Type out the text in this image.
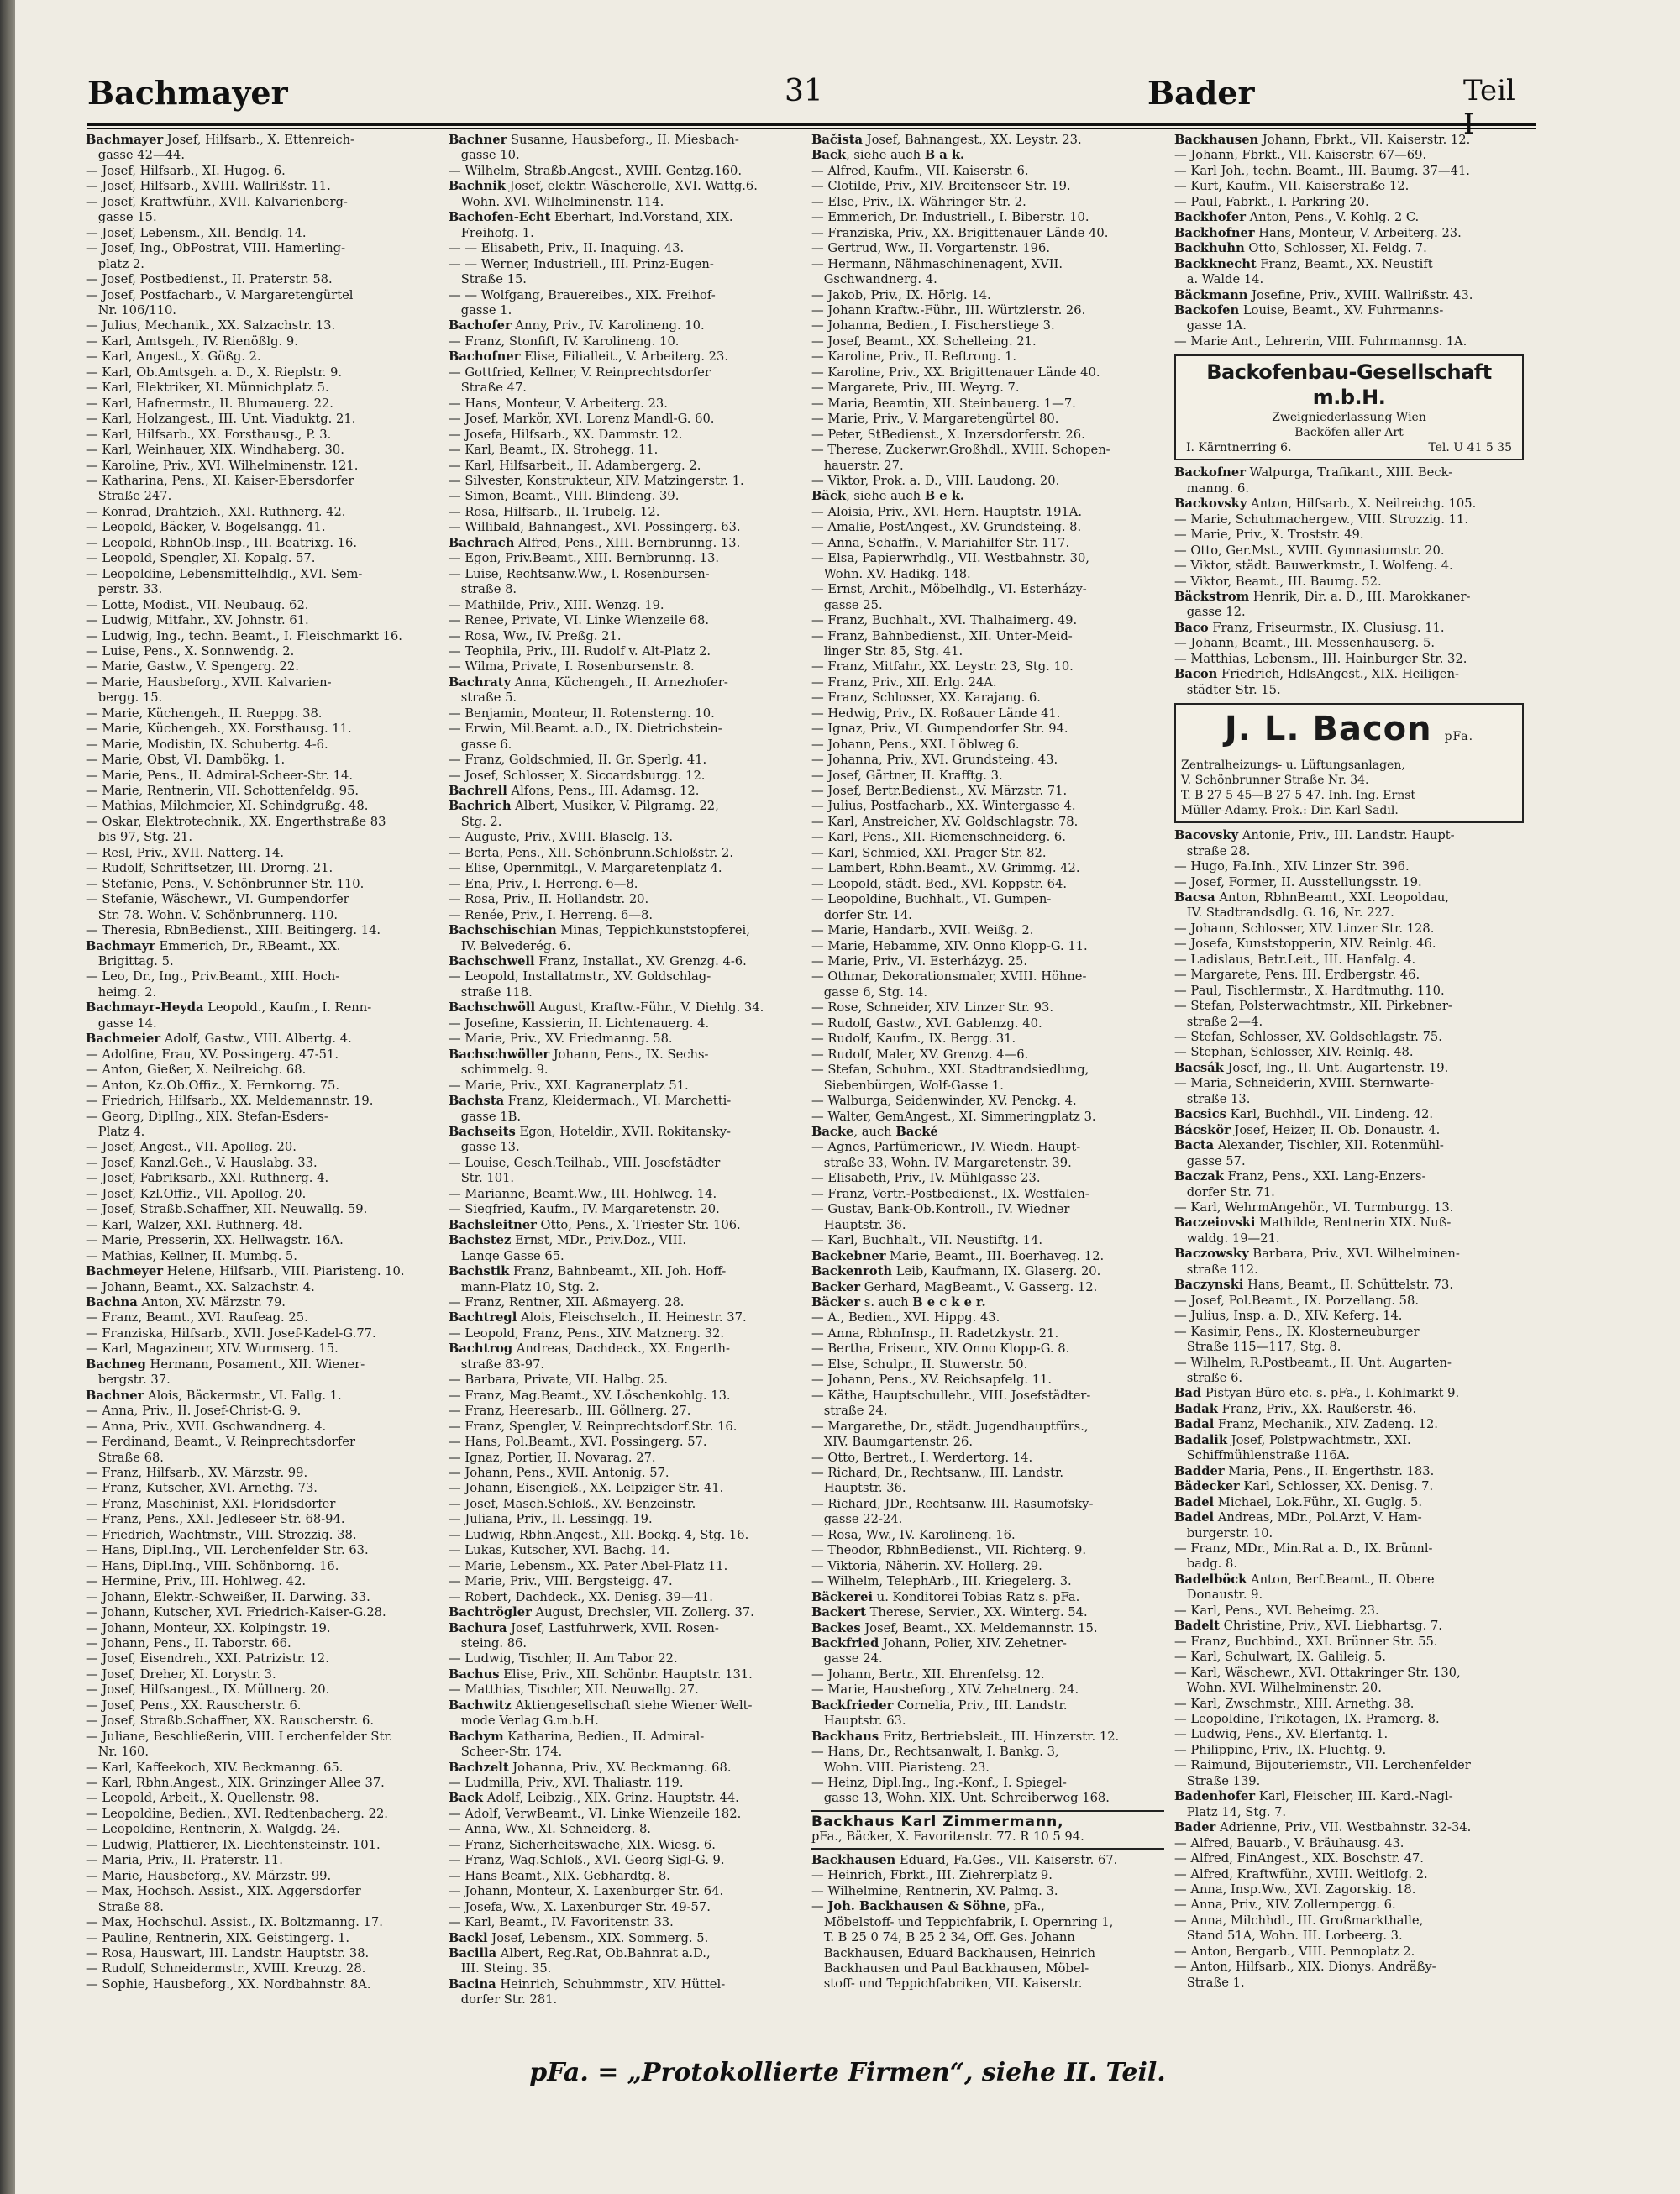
Bachmayer	31	Bader	Teil
Bachmayer Josef, Hilfsarb., X. Ettenreich-
 gasse 42—44.
— Josef, Hilfsarb., XI. Hugog. 6.
— Josef, Hilfsarb., XVIII. Wallrißstr. 11.
— Josef, Kraftwführ., XVII. Kalvarienberg-
 gasse 15.
— Josef, Lebensm., XII. Bendlg. 14.
— Josef, Ing., ObPostrat, VIII. Hamerling-
 platz 2.
— Josef, Postbedienst., II. Praterstr. 58.
— Josef, Postfacharb., V. Margaretengürtel
 Nr. 106/110.
— Julius, Mechanik., XX. Salzachstr. 13.
— Karl, Amtsgeh., IV. Rienößlg. 9.
— Karl, Angest., X. Gößg. 2.
— Karl, Ob.Amtsgeh. a. D., X. Rieplstr. 9.
— Karl, Elektriker, XI. Münnichplatz 5.
— Karl, Hafnermstr., II. Blumauerg. 22.
— Karl, Holzangest., III. Unt. Viaduktg. 21.
— Karl, Hilfsarb., XX. Forsthausg., P. 3.
— Karl, Weinhauer, XIX. Windhaberg. 30.
— Karoline, Priv., XVI. Wilhelminenstr. 121.
— Katharina, Pens., XI. Kaiser-Ebersdorfer
 Straße 247.
— Konrad, Drahtzieh., XXI. Ruthnerg. 42.
— Leopold, Bäcker, V. Bogelsangg. 41.
— Leopold, RbhnOb.Insp., III. Beatrixg. 16.
— Leopold, Spengler, XI. Kopalg. 57.
— Leopoldine, Lebensmittelhdlg., XVI. Sem-
 perstr. 33.
— Lotte, Modist., VII. Neubaug. 62.
— Ludwig, Mitfahr., XV. Johnstr. 61.
— Ludwig, Ing., techn. Beamt., I. Fleischmarkt 16.
— Luise, Pens., X. Sonnwendg. 2.
— Marie, Gastw., V. Spengerg. 22.
— Marie, Hausbeforg., XVII. Kalvarien-
 bergg. 15.
— Marie, Küchengeh., II. Rueppg. 38.
— Marie, Küchengeh., XX. Forsthausg. 11.
— Marie, Modistin, IX. Schubertg. 4-6.
— Marie, Obst, VI. Dambökg. 1.
— Marie, Pens., II. Admiral-Scheer-Str. 14.
— Marie, Rentnerin, VII. Schottenfeldg. 95.
— Mathias, Milchmeier, XI. Schindgrußg. 48.
— Oskar, Elektrotechnik., XX. Engerthstraße 83
 bis 97, Stg. 21.
— Resl, Priv., XVII. Natterg. 14.
— Rudolf, Schriftsetzer, III. Drorng. 21.
— Stefanie, Pens., V. Schönbrunner Str. 110.
— Stefanie, Wäschewr., VI. Gumpendorfer
 Str. 78. Wohn. V. Schönbrunnerg. 110.
— Theresia, RbnBedienst., XIII. Beitingerg. 14.
Bachmayr Emmerich, Dr., RBeamt., XX.
 Brigittag. 5.
— Leo, Dr., Ing., Priv.Beamt., XIII. Hoch-
 heimg. 2.
Bachmayr-Heyda Leopold., Kaufm., I. Renn-
 gasse 14.
Bachmeier Adolf, Gastw., VIII. Albertg. 4.
— Adolfine, Frau, XV. Possingerg. 47-51.
— Anton, Gießer, X. Neilreichg. 68.
— Anton, Kz.Ob.Offiz., X. Fernkorng. 75.
— Friedrich, Hilfsarb., XX. Meldemannstr. 19.
— Georg, DiplIng., XIX. Stefan-Esders-
 Platz 4.
— Josef, Angest., VII. Apollog. 20.
— Josef, Kanzl.Geh., V. Hauslabg. 33.
— Josef, Fabriksarb., XXI. Ruthnerg. 4.
— Josef, Kzl.Offiz., VII. Apollog. 20.
— Josef, Straßb.Schaffner, XII. Neuwallg. 59.
— Karl, Walzer, XXI. Ruthnerg. 48.
— Marie, Presserin, XX. Hellwagstr. 16A.
— Mathias, Kellner, II. Mumbg. 5.
Bachmeyer Helene, Hilfsarb., VIII. Piaristeng. 10.
— Johann, Beamt., XX. Salzachstr. 4.
Bachna Anton, XV. Märzstr. 79.
— Franz, Beamt., XVI. Raufeag. 25.
— Franziska, Hilfsarb., XVII. Josef-Kadel-G.77.
— Karl, Magazineur, XIV. Wurmserg. 15.
Bachneg Hermann, Posament., XII. Wiener-
 bergstr. 37.
Bachner Alois, Bäckermstr., VI. Fallg. 1.
— Anna, Priv., II. Josef-Christ-G. 9.
— Anna, Priv., XVII. Gschwandnerg. 4.
— Ferdinand, Beamt., V. Reinprechtsdorfer
 Straße 68.
— Franz, Hilfsarb., XV. Märzstr. 99.
— Franz, Kutscher, XVI. Arnethg. 73.
— Franz, Maschinist, XXI. Floridsdorfer
— Franz, Pens., XXI. Jedleseer Str. 68-94.
— Friedrich, Wachtmstr., VIII. Strozzig. 38.
— Hans, Dipl.Ing., VII. Lerchenfelder Str. 63.
— Hans, Dipl.Ing., VIII. Schönborng. 16.
— Hermine, Priv., III. Hohlweg. 42.
— Johann, Elektr.-Schweißer, II. Darwing. 33.
— Johann, Kutscher, XVI. Friedrich-Kaiser-G.28.
— Johann, Monteur, XX. Kolpingstr. 19.
— Johann, Pens., II. Taborstr. 66.
— Josef, Eisendreh., XXI. Patrizistr. 12.
— Josef, Dreher, XI. Lorystr. 3.
— Josef, Hilfsangest., IX. Müllnerg. 20.
— Josef, Pens., XX. Rauscherstr. 6.
— Josef, Straßb.Schaffner, XX. Rauscherstr. 6.
— Juliane, Beschließerin, VIII. Lerchenfelder Str.
 Nr. 160.
— Karl, Kaffeekoch, XIV. Beckmanng. 65.
— Karl, Rbhn.Angest., XIX. Grinzinger Allee 37.
— Leopold, Arbeit., X. Quellenstr. 98.
— Leopoldine, Bedien., XVI. Redtenbacherg. 22.
— Leopoldine, Rentnerin, X. Walgdg. 24.
— Ludwig, Plattierer, IX. Liechtensteinstr. 101.
— Maria, Priv., II. Praterstr. 11.
— Marie, Hausbeforg., XV. Märzstr. 99.
— Max, Hochsch. Assist., XIX. Aggersdorfer
 Straße 88.
— Max, Hochschul. Assist., IX. Boltzmanng. 17.
— Pauline, Rentnerin, XIX. Geistingerg. 1.
— Rosa, Hauswart, III. Landstr. Hauptstr. 38.
— Rudolf, Schneidermstr., XVIII. Kreuzg. 28.
— Sophie, Hausbeforg., XX. Nordbahnstr. 8A.
Bachner Susanne, Hausbeforg., II. Miesbach-
 gasse 10.
— Wilhelm, Straßb.Angest., XVIII. Gentzg.160.
Bachnik Josef, elektr. Wäscherolle, XVI. Wattg.6.
 Wohn. XVI. Wilhelminenstr. 114.
Bachofen-Echt Eberhart, Ind.Vorstand, XIX.
 Freihofg. 1.
— — Elisabeth, Priv., II. Inaquing. 43.
— — Werner, Industriell., III. Prinz-Eugen-
 Straße 15.
— — Wolfgang, Brauereibes., XIX. Freihof-
 gasse 1.
Bachofer Anny, Priv., IV. Karolineng. 10.
— Franz, Stonfift, IV. Karolineng. 10.
Bachofner Elise, Filialleit., V. Arbeiterg. 23.
— Gottfried, Kellner, V. Reinprechtsdorfer
 Straße 47.
— Hans, Monteur, V. Arbeiterg. 23.
— Josef, Markör, XVI. Lorenz Mandl-G. 60.
— Josefa, Hilfsarb., XX. Dammstr. 12.
— Karl, Beamt., IX. Strohegg. 11.
— Karl, Hilfsarbeit., II. Adambergerg. 2.
— Silvester, Konstrukteur, XIV. Matzingerstr. 1.
— Simon, Beamt., VIII. Blindeng. 39.
— Rosa, Hilfsarb., II. Trubelg. 12.
— Willibald, Bahnangest., XVI. Possingerg. 63.
Bachrach Alfred, Pens., XIII. Bernbrunng. 13.
— Egon, Priv.Beamt., XIII. Bernbrunng. 13.
— Luise, Rechtsanw.Ww., I. Rosenbursen-
 straße 8.
— Mathilde, Priv., XIII. Wenzg. 19.
— Renee, Private, VI. Linke Wienzeile 68.
— Rosa, Ww., IV. Preßg. 21.
— Teophila, Priv., III. Rudolf v. Alt-Platz 2.
— Wilma, Private, I. Rosenbursenstr. 8.
Bachraty Anna, Küchengeh., II. Arnezhofer-
 straße 5.
— Benjamin, Monteur, II. Rotensterng. 10.
— Erwin, Mil.Beamt. a.D., IX. Dietrichstein-
 gasse 6.
— Franz, Goldschmied, II. Gr. Sperlg. 41.
— Josef, Schlosser, X. Siccardsburgg. 12.
Bachrell Alfons, Pens., III. Adamsg. 12.
Bachrich Albert, Musiker, V. Pilgramg. 22,
 Stg. 2.
— Auguste, Priv., XVIII. Blaselg. 13.
— Berta, Pens., XII. Schönbrunn.Schloßstr. 2.
— Elise, Opernmitgl., V. Margaretenplatz 4.
— Ena, Priv., I. Herreng. 6—8.
— Rosa, Priv., II. Hollandstr. 20.
— Renée, Priv., I. Herreng. 6—8.
Bachschischian Minas, Teppichkunststopferei,
 IV. Belvederég. 6.
Bachschwell Franz, Installat., XV. Grenzg. 4-6.
— Leopold, Installatmstr., XV. Goldschlag-
 straße 118.
Bachschwöll August, Kraftw.-Führ., V. Diehlg. 34.
— Josefine, Kassierin, II. Lichtenauerg. 4.
— Marie, Priv., XV. Friedmanng. 58.
Bachschwöller Johann, Pens., IX. Sechs-
 schimmelg. 9.
— Marie, Priv., XXI. Kagranerplatz 51.
Bachsta Franz, Kleidermach., VI. Marchetti-
 gasse 1B.
Bachseits Egon, Hoteldir., XVII. Rokitansky-
 gasse 13.
— Louise, Gesch.Teilhab., VIII. Josefstädter
 Str. 101.
— Marianne, Beamt.Ww., III. Hohlweg. 14.
— Siegfried, Kaufm., IV. Margaretenstr. 20.
Bachsleitner Otto, Pens., X. Triester Str. 106.
Bachstez Ernst, MDr., Priv.Doz., VIII.
 Lange Gasse 65.
Bachstik Franz, Bahnbeamt., XII. Joh. Hoff-
 mann-Platz 10, Stg. 2.
— Franz, Rentner, XII. Aßmayerg. 28.
Bachtregl Alois, Fleischselch., II. Heinestr. 37.
— Leopold, Franz, Pens., XIV. Matznerg. 32.
Bachtrog Andreas, Dachdeck., XX. Engerth-
 straße 83-97.
— Barbara, Private, VII. Halbg. 25.
— Franz, Mag.Beamt., XV. Löschenkohlg. 13.
— Franz, Heeresarb., III. Göllnerg. 27.
— Franz, Spengler, V. Reinprechtsdorf.Str. 16.
— Hans, Pol.Beamt., XVI. Possingerg. 57.
— Ignaz, Portier, II. Novarag. 27.
— Johann, Pens., XVII. Antonig. 57.
— Johann, Eisengieß., XX. Leipziger Str. 41.
— Josef, Masch.Schloß., XV. Benzeinstr.
— Juliana, Priv., II. Lessingg. 19.
— Ludwig, Rbhn.Angest., XII. Bockg. 4, Stg. 16.
— Lukas, Kutscher, XVI. Bachg. 14.
— Marie, Lebensm., XX. Pater Abel-Platz 11.
— Marie, Priv., VIII. Bergsteigg. 47.
— Robert, Dachdeck., XX. Denisg. 39—41.
Bachtrögler August, Drechsler, VII. Zollerg. 37.
Bachura Josef, Lastfuhrwerk, XVII. Rosen-
 steing. 86.
— Ludwig, Tischler, II. Am Tabor 22.
Bachus Elise, Priv., XII. Schönbr. Hauptstr. 131.
— Matthias, Tischler, XII. Neuwallg. 27.
Bachwitz Aktiengesellschaft siehe Wiener Welt-
 mode Verlag G.m.b.H.
Bachym Katharina, Bedien., II. Admiral-
 Scheer-Str. 174.
Bachzelt Johanna, Priv., XV. Beckmanng. 68.
— Ludmilla, Priv., XVI. Thaliastr. 119.
Back Adolf, Leibzig., XIX. Grinz. Hauptstr. 44.
— Adolf, VerwBeamt., VI. Linke Wienzeile 182.
— Anna, Ww., XI. Schneiderg. 8.
— Franz, Sicherheitswache, XIX. Wiesg. 6.
— Franz, Wag.Schloß., XVI. Georg Sigl-G. 9.
— Hans Beamt., XIX. Gebhardtg. 8.
— Johann, Monteur, X. Laxenburger Str. 64.
— Josefa, Ww., X. Laxenburger Str. 49-57.
— Karl, Beamt., IV. Favoritenstr. 33.
Backl Josef, Lebensm., XIX. Sommerg. 5.
Bacilla Albert, Reg.Rat, Ob.Bahnrat a.D.,
 III. Steing. 35.
Bacina Heinrich, Schuhmmstr., XIV. Hüttel-
 dorfer Str. 281.
Bačista Josef, Bahnangest., XX. Leystr. 23.
Back, siehe auch B a k.
— Alfred, Kaufm., VII. Kaiserstr. 6.
— Clotilde, Priv., XIV. Breitenseer Str. 19.
— Else, Priv., IX. Währinger Str. 2.
— Emmerich, Dr. Industriell., I. Biberstr. 10.
— Franziska, Priv., XX. Brigittenauer Lände 40.
— Gertrud, Ww., II. Vorgartenstr. 196.
— Hermann, Nähmaschinenagent, XVII.
 Gschwandnerg. 4.
— Jakob, Priv., IX. Hörlg. 14.
— Johann Kraftw.-Führ., III. Würtzlerstr. 26.
— Johanna, Bedien., I. Fischerstiege 3.
— Josef, Beamt., XX. Schelleing. 21.
— Karoline, Priv., II. Reftrong. 1.
— Karoline, Priv., XX. Brigittenauer Lände 40.
— Margarete, Priv., III. Weyrg. 7.
— Maria, Beamtin, XII. Steinbauerg. 1—7.
— Marie, Priv., V. Margaretengürtel 80.
— Peter, StBedienst., X. Inzersdorferstr. 26.
— Therese, Zuckerwr.Großhdl., XVIII. Schopen-
 hauerstr. 27.
— Viktor, Prok. a. D., VIII. Laudong. 20.
Bäck, siehe auch B e k.
— Aloisia, Priv., XVI. Hern. Hauptstr. 191A.
— Amalie, PostAngest., XV. Grundsteing. 8.
— Anna, Schaffn., V. Mariahilfer Str. 117.
— Elsa, Papierwrhdlg., VII. Westbahnstr. 30,
 Wohn. XV. Hadikg. 148.
— Ernst, Archit., Möbelhdlg., VI. Esterházy-
 gasse 25.
— Franz, Buchhalt., XVI. Thalhaimerg. 49.
— Franz, Bahnbedienst., XII. Unter-Meid-
 linger Str. 85, Stg. 41.
— Franz, Mitfahr., XX. Leystr. 23, Stg. 10.
— Franz, Priv., XII. Erlg. 24A.
— Franz, Schlosser, XX. Karajang. 6.
— Hedwig, Priv., IX. Roßauer Lände 41.
— Ignaz, Priv., VI. Gumpendorfer Str. 94.
— Johann, Pens., XXI. Löblweg 6.
— Johanna, Priv., XVI. Grundsteing. 43.
— Josef, Gärtner, II. Krafftg. 3.
— Josef, Bertr.Bedienst., XV. Märzstr. 71.
— Julius, Postfacharb., XX. Wintergasse 4.
— Karl, Anstreicher, XV. Goldschlagstr. 78.
— Karl, Pens., XII. Riemenschneiderg. 6.
— Karl, Schmied, XXI. Prager Str. 82.
— Lambert, Rbhn.Beamt., XV. Grimmg. 42.
— Leopold, städt. Bed., XVI. Koppstr. 64.
— Leopoldine, Buchhalt., VI. Gumpen-
 dorfer Str. 14.
— Marie, Handarb., XVII. Weißg. 2.
— Marie, Hebamme, XIV. Onno Klopp-G. 11.
— Marie, Priv., VI. Esterházyg. 25.
— Othmar, Dekorationsmaler, XVIII. Höhne-
 gasse 6, Stg. 14.
— Rose, Schneider, XIV. Linzer Str. 93.
— Rudolf, Gastw., XVI. Gablenzg. 40.
— Rudolf, Kaufm., IX. Bergg. 31.
— Rudolf, Maler, XV. Grenzg. 4—6.
— Stefan, Schuhm., XXI. Stadtrandsiedlung,
 Siebenbürgen, Wolf-Gasse 1.
— Walburga, Seidenwinder, XV. Penckg. 4.
— Walter, GemAngest., XI. Simmeringplatz 3.
Backe, auch Backé
— Agnes, Parfümeriewr., IV. Wiedn. Haupt-
 straße 33, Wohn. IV. Margaretenstr. 39.
— Elisabeth, Priv., IV. Mühlgasse 23.
— Franz, Vertr.-Postbedienst., IX. Westfalen-
— Gustav, Bank-Ob.Kontroll., IV. Wiedner
 Hauptstr. 36.
— Karl, Buchhalt., VII. Neustiftg. 14.
Backebner Marie, Beamt., III. Boerhaveg. 12.
Backenroth Leib, Kaufmann, IX. Glaserg. 20.
Backer Gerhard, MagBeamt., V. Gasserg. 12.
Bäcker s. auch B e c k e r.
— A., Bedien., XVI. Hippg. 43.
— Anna, RbhnInsp., II. Radetzkystr. 21.
— Bertha, Friseur., XIV. Onno Klopp-G. 8.
— Else, Schulpr., II. Stuwerstr. 50.
— Johann, Pens., XV. Reichsapfelg. 11.
— Käthe, Hauptschullehr., VIII. Josefstädter-
 straße 24.
— Margarethe, Dr., städt. Jugendhauptfürs.,
 XIV. Baumgartenstr. 26.
— Otto, Bertret., I. Werdertorg. 14.
— Richard, Dr., Rechtsanw., III. Landstr.
 Hauptstr. 36.
— Richard, JDr., Rechtsanw. III. Rasumofsky-
 gasse 22-24.
— Rosa, Ww., IV. Karolineng. 16.
— Theodor, RbhnBedienst., VII. Richterg. 9.
— Viktoria, Näherin. XV. Hollerg. 29.
— Wilhelm, TelephArb., III. Kriegelerg. 3.
Bäckerei u. Konditorei Tobias Ratz s. pFa.
Backert Therese, Servier., XX. Winterg. 54.
Backes Josef, Beamt., XX. Meldemannstr. 15.
Backfried Johann, Polier, XIV. Zehetner-
 gasse 24.
— Johann, Bertr., XII. Ehrenfelsg. 12.
— Marie, Hausbeforg., XIV. Zehetnerg. 24.
Backfrieder Cornelia, Priv., III. Landstr.
 Hauptstr. 63.
Backhaus Fritz, Bertriebsleit., III. Hinzerstr. 12.
— Hans, Dr., Rechtsanwalt, I. Bankg. 3,
 Wohn. VIII. Piaristeng. 23.
— Heinz, Dipl.Ing., Ing.-Konf., I. Spiegel-
 gasse 13, Wohn. XIX. Unt. Schreiberweg 168.
Backhaus Karl Zimmermann,
pFa., Bäcker, X. Favoritenstr. 77. R 10 5 94.
Backhausen Eduard, Fa.Ges., VII. Kaiserstr. 67.
— Heinrich, Fbrkt., III. Ziehrerplatz 9.
— Wilhelmine, Rentnerin, XV. Palmg. 3.
— Joh. Backhausen & Söhne, pFa.,
 Möbelstoff- und Teppichfabrik, I. Opernring 1,
 T. B 25 0 74, B 25 2 34, Off. Ges. Johann
 Backhausen, Eduard Backhausen, Heinrich
 Backhausen und Paul Backhausen, Möbel-
 stoff- und Teppichfabriken, VII. Kaiserstr.
Backhausen Johann, Fbrkt., VII. Kaiserstr. 12.
— Johann, Fbrkt., VII. Kaiserstr. 67—69.
— Karl Joh., techn. Beamt., III. Baumg. 37—41.
— Kurt, Kaufm., VII. Kaiserstraße 12.
— Paul, Fabrkt., I. Parkring 20.
Backhofer Anton, Pens., V. Kohlg. 2 C.
Backhofner Hans, Monteur, V. Arbeiterg. 23.
Backhuhn Otto, Schlosser, XI. Feldg. 7.
Backknecht Franz, Beamt., XX. Neustift
 a. Walde 14.
Bäckmann Josefine, Priv., XVIII. Wallrißstr. 43.
Backofen Louise, Beamt., XV. Fuhrmanns-
 gasse 1A.
— Marie Ant., Lehrerin, VIII. Fuhrmannsg. 1A.
Backofenbau-Gesellschaft m.b.H.
Zweigniederlassung Wien
Backöfen aller Art
I. Kärntnerring 6.	Tel. U 41 5 35
Backofner Walpurga, Trafikant., XIII. Beck-
 manng. 6.
Backovsky Anton, Hilfsarb., X. Neilreichg. 105.
— Marie, Schuhmachergew., VIII. Strozzig. 11.
— Marie, Priv., X. Troststr. 49.
— Otto, Ger.Mst., XVIII. Gymnasiumstr. 20.
— Viktor, städt. Bauwerkmstr., I. Wolfeng. 4.
— Viktor, Beamt., III. Baumg. 52.
Bäckstrom Henrik, Dir. a. D., III. Marokkaner-
 gasse 12.
Baco Franz, Friseurmstr., IX. Clusiusg. 11.
— Johann, Beamt., III. Messenhauserg. 5.
— Matthias, Lebensm., III. Hainburger Str. 32.
Bacon Friedrich, HdlsAngest., XIX. Heiligen-
 städter Str. 15.
J. L. Bacon pFa.
Zentralheizungs- u. Lüftungsanlagen,
V. Schönbrunner Straße Nr. 34.
T. B 27 5 45—B 27 5 47. Inh. Ing. Ernst
Müller-Adamy. Prok.: Dir. Karl Sadil.
Bacovsky Antonie, Priv., III. Landstr. Haupt-
 straße 28.
— Hugo, Fa.Inh., XIV. Linzer Str. 396.
— Josef, Former, II. Ausstellungsstr. 19.
Bacsa Anton, RbhnBeamt., XXI. Leopoldau,
 IV. Stadtrandsdlg. G. 16, Nr. 227.
— Johann, Schlosser, XIV. Linzer Str. 128.
— Josefa, Kunststopperin, XIV. Reinlg. 46.
— Ladislaus, Betr.Leit., III. Hanfalg. 4.
— Margarete, Pens. III. Erdbergstr. 46.
— Paul, Tischlermstr., X. Hardtmuthg. 110.
— Stefan, Polsterwachtmstr., XII. Pirkebner-
 straße 2—4.
— Stefan, Schlosser, XV. Goldschlagstr. 75.
— Stephan, Schlosser, XIV. Reinlg. 48.
Bacsák Josef, Ing., II. Unt. Augartenstr. 19.
— Maria, Schneiderin, XVIII. Sternwarte-
 straße 13.
Bacsics Karl, Buchhdl., VII. Lindeng. 42.
Bácskör Josef, Heizer, II. Ob. Donaustr. 4.
Bacta Alexander, Tischler, XII. Rotenmühl-
 gasse 57.
Baczak Franz, Pens., XXI. Lang-Enzers-
 dorfer Str. 71.
— Karl, WehrmAngehör., VI. Turmburgg. 13.
Baczeiovski Mathilde, Rentnerin XIX. Nuß-
 waldg. 19—21.
Baczowsky Barbara, Priv., XVI. Wilhelminen-
 straße 112.
Baczynski Hans, Beamt., II. Schüttelstr. 73.
— Josef, Pol.Beamt., IX. Porzellang. 58.
— Julius, Insp. a. D., XIV. Keferg. 14.
— Kasimir, Pens., IX. Klosterneuburger
 Straße 115—117, Stg. 8.
— Wilhelm, R.Postbeamt., II. Unt. Augarten-
 straße 6.
Bad Pistyan Büro etc. s. pFa., I. Kohlmarkt 9.
Badak Franz, Priv., XX. Raußerstr. 46.
Badal Franz, Mechanik., XIV. Zadeng. 12.
Badalik Josef, Polstpwachtmstr., XXI.
 Schiffmühlenstraße 116A.
Badder Maria, Pens., II. Engerthstr. 183.
Bädecker Karl, Schlosser, XX. Denisg. 7.
Badel Michael, Lok.Führ., XI. Guglg. 5.
Badel Andreas, MDr., Pol.Arzt, V. Ham-
 burgerstr. 10.
— Franz, MDr., Min.Rat a. D., IX. Brünnl-
 badg. 8.
Badelböck Anton, Berf.Beamt., II. Obere
 Donaustr. 9.
— Karl, Pens., XVI. Beheimg. 23.
Badelt Christine, Priv., XVI. Liebhartsg. 7.
— Franz, Buchbind., XXI. Brünner Str. 55.
— Karl, Schulwart, IX. Galileig. 5.
— Karl, Wäschewr., XVI. Ottakringer Str. 130,
 Wohn. XVI. Wilhelminenstr. 20.
— Karl, Zwschmstr., XIII. Arnethg. 38.
— Leopoldine, Trikotagen, IX. Pramerg. 8.
— Ludwig, Pens., XV. Elerfantg. 1.
— Philippine, Priv., IX. Fluchtg. 9.
— Raimund, Bijouteriemstr., VII. Lerchenfelder
 Straße 139.
Badenhofer Karl, Fleischer, III. Kard.-Nagl-
 Platz 14, Stg. 7.
Bader Adrienne, Priv., VII. Westbahnstr. 32-34.
— Alfred, Bauarb., V. Bräuhausg. 43.
— Alfred, FinAngest., XIX. Boschstr. 47.
— Alfred, Kraftwführ., XVIII. Weitlofg. 2.
— Anna, Insp.Ww., XVI. Zagorskig. 18.
— Anna, Priv., XIV. Zollernpergg. 6.
— Anna, Milchhdl., III. Großmarkthalle,
 Stand 51A, Wohn. III. Lorbeerg. 3.
— Anton, Bergarb., VIII. Pennoplatz 2.
— Anton, Hilfsarb., XIX. Dionys. Andräßy-
 Straße 1.
pFa. = „Protokollierte Firmen“, siehe II. Teil.
